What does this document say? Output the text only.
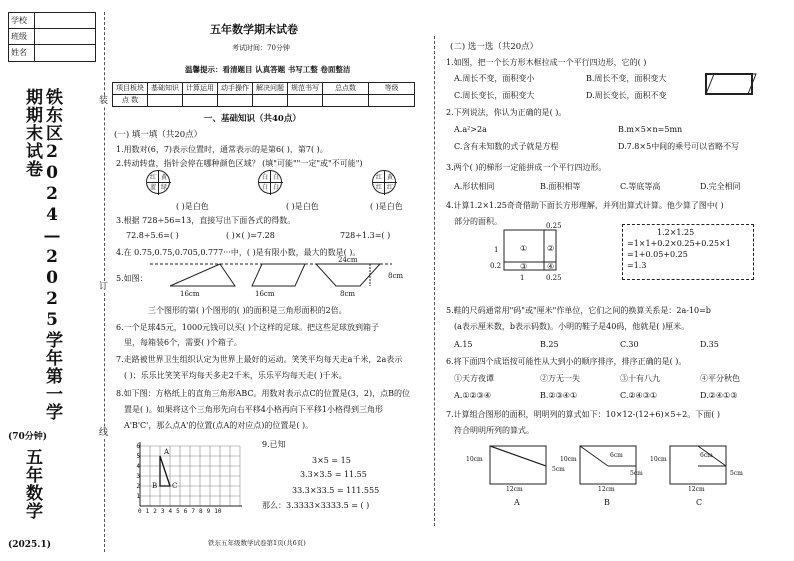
学校
班级
姓名
铁东区2024—2025学年第一学期期末试卷
(70分钟)
五年数学
(2025.1)
装
订
线
五年数学期末试卷
考试时间：70分钟
温馨提示：看清题目 认真答题 书写工整 卷面整洁
项目板块	基础知识	计算运用	动手操作	解决问题	规范书写	总点数	等级
点 数							
一、基础知识（共40点）
(一) 填一填（共20点）
1.用数对(6，7)表示位置时，通常表示的是第6( )，第7( )。
2.转动转盘，指针会停在哪种颜色区域？ (填"可能""一定"或"不可能")
红 黄
蓝 绿
( )是白色
白 白
白 白
( )是白色
红 黄
红 红
( )是白色
3.根据 728÷56=13，直接写出下面各式的得数。
72.8÷5.6=( )	( )×( )=7.28	728÷1.3=( )
4.在 0.75,0.75,0.705,0.777···中，( )是有限小数，最大的数是( )。
5.如图：
24cm
8cm
16cm	16cm	8cm
三个图形的第( )个图形的( )的面积是三角形面积的2倍。
6.一个足球45元，1000元钱可以买( )个这样的足球。把这些足球放到箱子
里，每箱装6个，需要( )个箱子。
7.走路被世界卫生组织认定为世界上最好的运动。笑笑平均每天走a千米，2a表示
( )；乐乐比笑笑平均每天多走2千米，乐乐平均每天走( )千米。
8.如下图：方格纸上的直角三角形ABC。用数对表示点C的位置是(3，2)，点B的位
置是( )。如果将这个三角形先向右平移4小格再向下平移1小格得到三角形
A'B'C'，那么点A'的位置(点A的对应点)的位置是( )。
A
B C
6
5
4
3
2
1
0 1 2 3 4 5 6 7 8 9 10
9.已知
3×5 = 15
3.3×3.5 = 11.55
33.3×33.5 = 111.555
那么：3.3333×3333.5 = ( )
(二) 选一选（共20点）
1.如图，把一个长方形木框拉成一个平行四边形，它的( )
A.周长不变，面积变小	B.周长不变，面积变大
C.周长变长，面积变大	D.周长变长，面积不变
2.下列说法，你认为正确的是( )。
A.a²>2a	B.m×5×n=5mn
C.含有未知数的式子就是方程	D.7.8×5中间的乘号可以省略不写
3.两个( )的梯形一定能拼成一个平行四边形。
A.形状相同	B.面积相等	C.等底等高	D.完全相同
4.计算1.2×1.25奇奇借助下面长方形理解，并列出算式计算。他少算了图中( )
部分的面积。	0.25
1
0.2
1	0.25
① ②
③ ④
1.2×1.25
=1×1+0.2×0.25+0.25×1
=1+0.05+0.25
=1.3
5.鞋的尺码通常用"码"或"厘米"作单位，它们之间的换算关系是：2a-10=b
(a表示厘米数，b表示码数)。小明的鞋子是40码，他就是( )厘米。
A.15	B.25	C.30	D.35
6.将下面四个成语按可能性从大到小的顺序排序，排序正确的是( )。
①天方夜谭	②万无一失	③十有八九	④平分秋色
A.①②③④	B.②③④①	C.②④③①	D.②④①③
7.计算组合图形的面积，明明列的算式如下：10×12-(12+6)×5÷2。下面( )
符合明明所列的算式。
10cm
12cm
5cm
A
10cm
6cm
5cm
12cm
B
10cm
6cm
5cm
12cm
C
铁东五年级数学试卷第1页(共6页)
